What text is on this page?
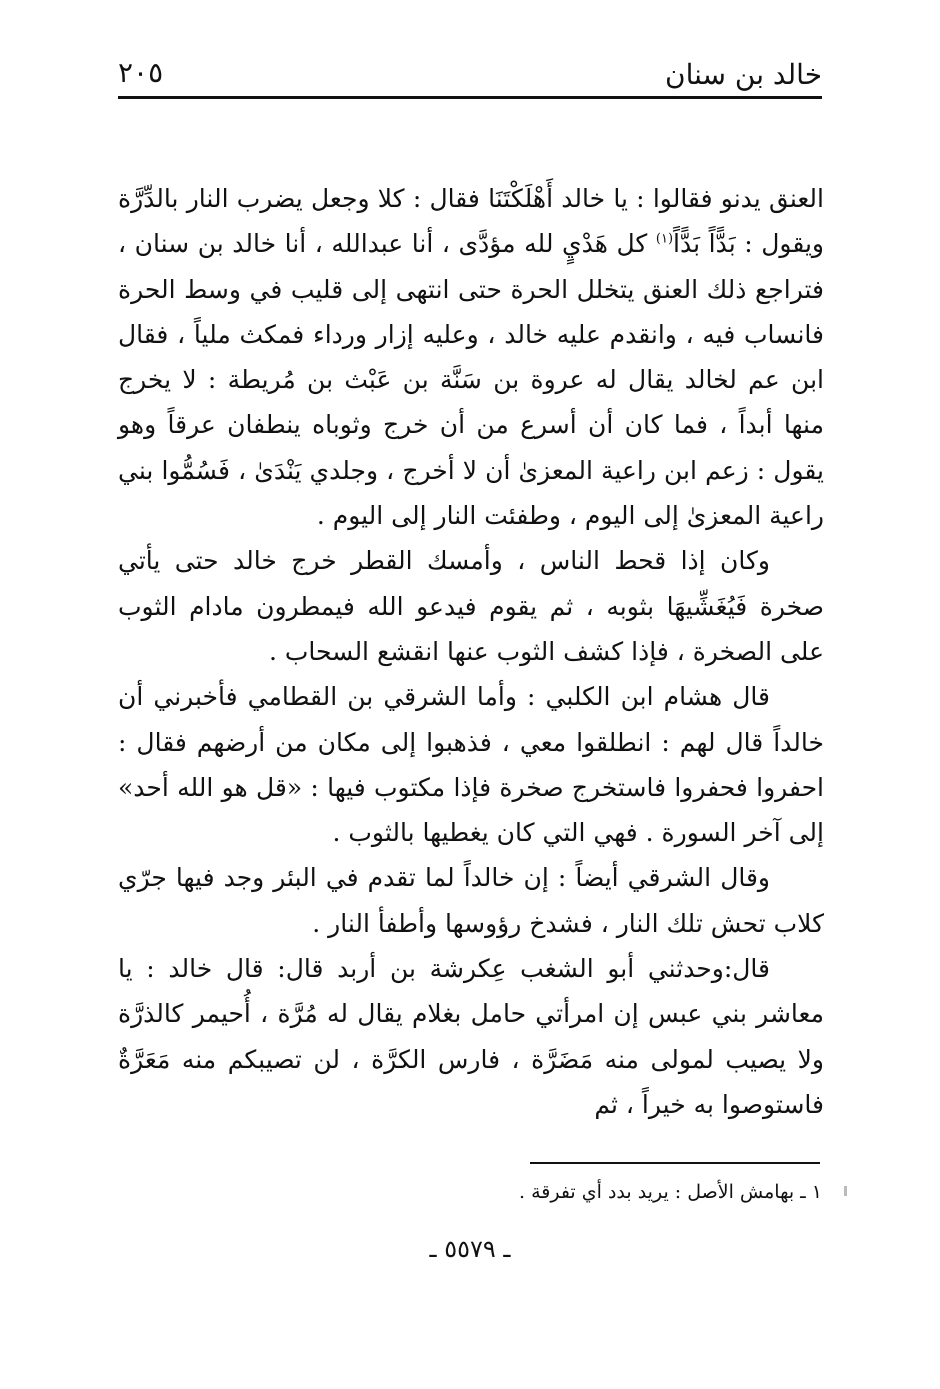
خالد بن سنان
٢٠٥

العنق يدنو فقالوا : يا خالد أَهْلَكْتَنَا فقال : كلا وجعل يضرب النار بالدِّرَّة ويقول : بَدًّاً بَدًّاً$^{(١)}$ كل هَدْيٍ لله مؤدَّى ، أنا عبدالله ، أنا خالد بن سنان ، فتراجع ذلك العنق يتخلل الحرة حتى انتهى إلى قليب في وسط الحرة فانساب فيه ، وانقدم عليه خالد ، وعليه إزار ورداء فمكث ملياً ، فقال ابن عم لخالد يقال له عروة بن سَنَّة بن عَبْث بن مُريطة : لا يخرج منها أبداً ، فما كان أن أسرع من أن خرج وثوباه ينطفان عرقاً وهو يقول : زعم ابن راعية المعزىٰ أن لا أخرج ، وجلدي يَنْدَىٰ ، فَسُمُّوا بني راعية المعزىٰ إلى اليوم ، وطفئت النار إلى اليوم .

وكان إذا قحط الناس ، وأمسك القطر خرج خالد حتى يأتي صخرة فَيُغَشِّيهَا بثوبه ، ثم يقوم فيدعو الله فيمطرون مادام الثوب على الصخرة ، فإذا كشف الثوب عنها انقشع السحاب .

قال هشام ابن الكلبي : وأما الشرقي بن القطامي فأخبرني أن خالداً قال لهم : انطلقوا معي ، فذهبوا إلى مكان من أرضهم فقال : احفروا فحفروا فاستخرج صخرة فإذا مكتوب فيها : «قل هو الله أحد» إلى آخر السورة . فهي التي كان يغطيها بالثوب .

وقال الشرقي أيضاً : إن خالداً لما تقدم في البئر وجد فيها جرّي كلاب تحش تلك النار ، فشدخ رؤوسها وأطفأ النار .

قال:وحدثني أبو الشغب عِكرشة بن أربد قال: قال خالد : يا معاشر بني عبس إن امرأتي حامل بغلام يقال له مُرَّة ، أُحيمر كالذرَّة ولا يصيب لمولى منه مَضَرَّة ، فارس الكرَّة ، لن تصيبكم منه مَعَرَّةٌ فاستوصوا به خيراً ، ثم

١ ـ بهامش الأصل : يريد بدد أي تفرقة .
ـ ٥٥٧٩ ـ
